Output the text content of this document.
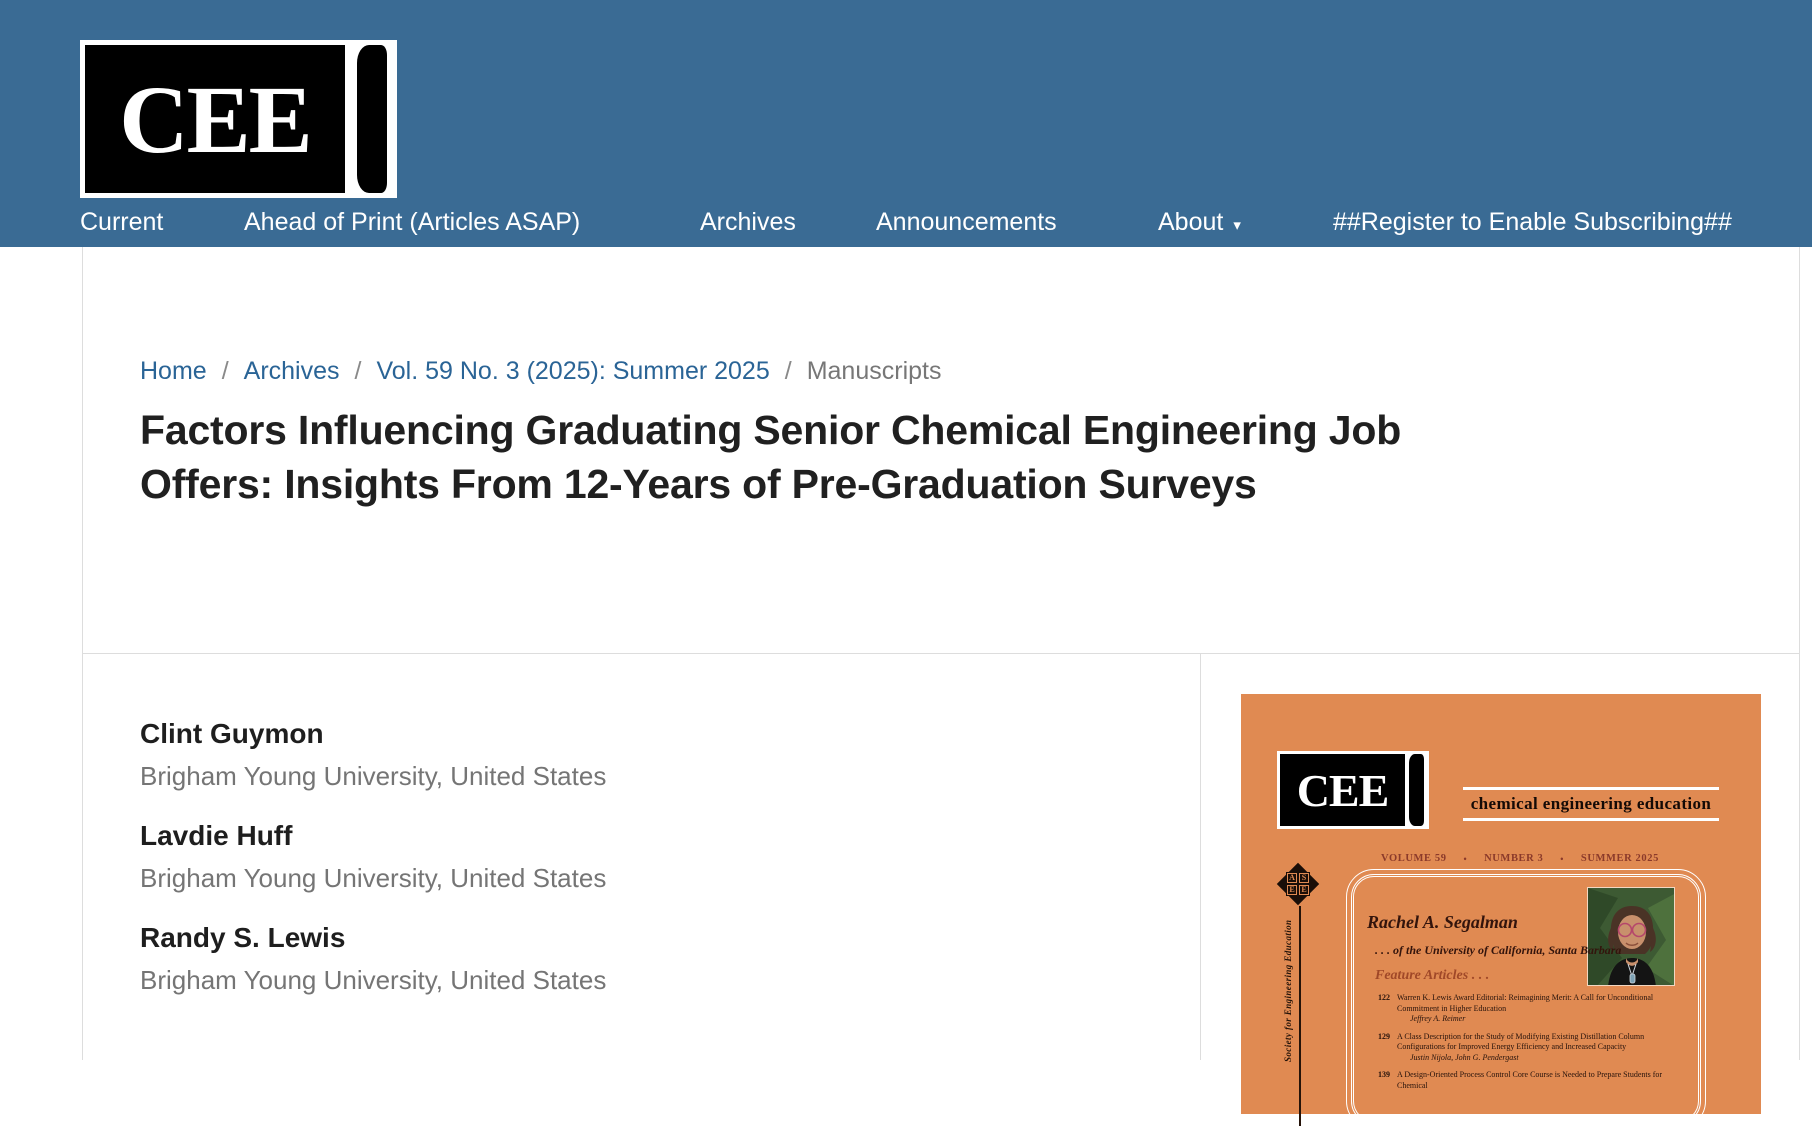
CEE
Current	Ahead of Print (Articles ASAP)	Archives	Announcements	About ▾	##Register to Enable Subscribing##
Home / Archives / Vol. 59 No. 3 (2025): Summer 2025 / Manuscripts
Factors Influencing Graduating Senior Chemical Engineering Job Offers: Insights From 12-Years of Pre-Graduation Surveys
Clint Guymon
Brigham Young University, United States
Lavdie Huff
Brigham Young University, United States
Randy S. Lewis
Brigham Young University, United States
CEE	chemical engineering education
VOLUME 59 • NUMBER 3 • SUMMER 2025
A S
E E
Society for Engineering Education	Rachel A. Segalman
. . . of the University of California, Santa Barbara
Feature Articles . . .
122 Warren K. Lewis Award Editorial: Reimagining Merit: A Call for Unconditional Commitment in Higher Education
Jeffrey A. Reimer
129 A Class Description for the Study of Modifying Existing Distillation Column Configurations for Improved Energy Efficiency and Increased Capacity
Justin Nijola, John G. Pendergast
139 A Design-Oriented Process Control Core Course is Needed to Prepare Students for Chemical
